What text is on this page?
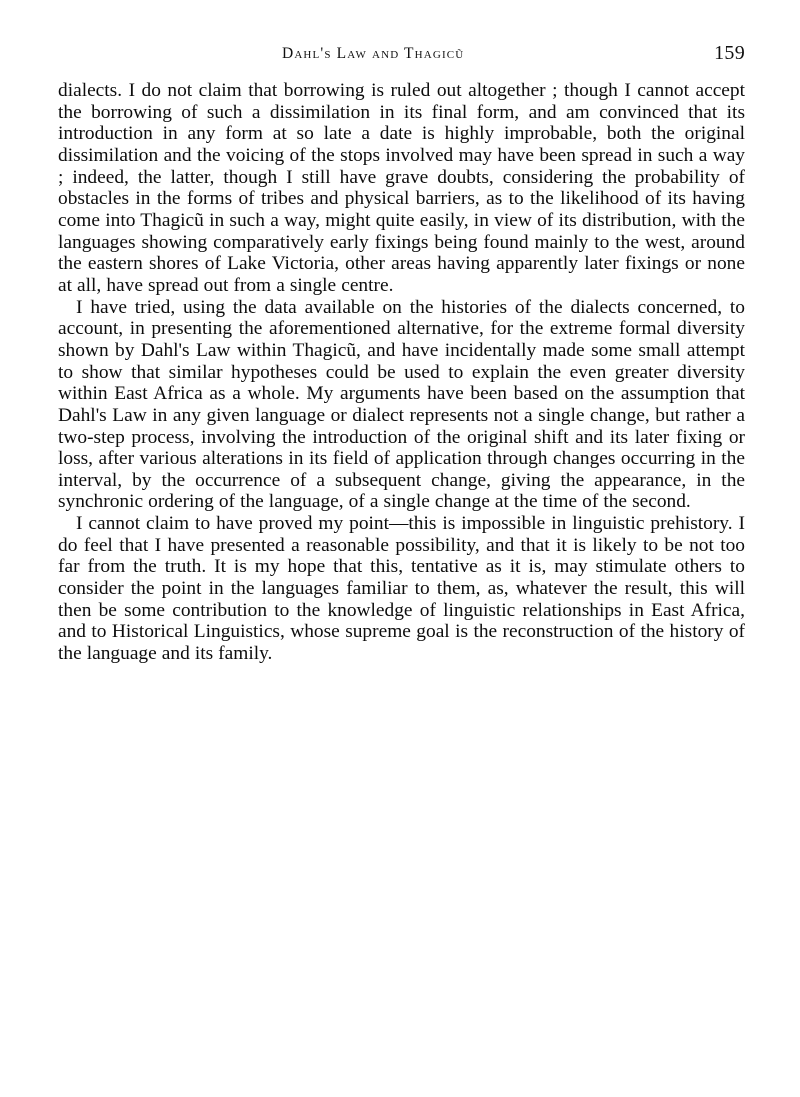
Dahl's Law and Thagicũ	159

dialects. I do not claim that borrowing is ruled out altogether ; though I cannot accept the borrowing of such a dissimilation in its final form, and am convinced that its introduction in any form at so late a date is highly improbable, both the original dissimilation and the voicing of the stops involved may have been spread in such a way ; indeed, the latter, though I still have grave doubts, considering the probability of obstacles in the forms of tribes and physical barriers, as to the likelihood of its having come into Thagicũ in such a way, might quite easily, in view of its distribution, with the languages showing comparatively early fixings being found mainly to the west, around the eastern shores of Lake Victoria, other areas having apparently later fixings or none at all, have spread out from a single centre.

I have tried, using the data available on the histories of the dialects concerned, to account, in presenting the aforementioned alternative, for the extreme formal diversity shown by Dahl's Law within Thagicũ, and have incidentally made some small attempt to show that similar hypotheses could be used to explain the even greater diversity within East Africa as a whole. My arguments have been based on the assumption that Dahl's Law in any given language or dialect represents not a single change, but rather a two-step process, involving the introduction of the original shift and its later fixing or loss, after various alterations in its field of application through changes occurring in the interval, by the occurrence of a subsequent change, giving the appearance, in the synchronic ordering of the language, of a single change at the time of the second.

I cannot claim to have proved my point—this is impossible in linguistic prehistory. I do feel that I have presented a reasonable possibility, and that it is likely to be not too far from the truth. It is my hope that this, tentative as it is, may stimulate others to consider the point in the languages familiar to them, as, whatever the result, this will then be some contribution to the knowledge of linguistic relationships in East Africa, and to Historical Linguistics, whose supreme goal is the reconstruction of the history of the language and its family.
